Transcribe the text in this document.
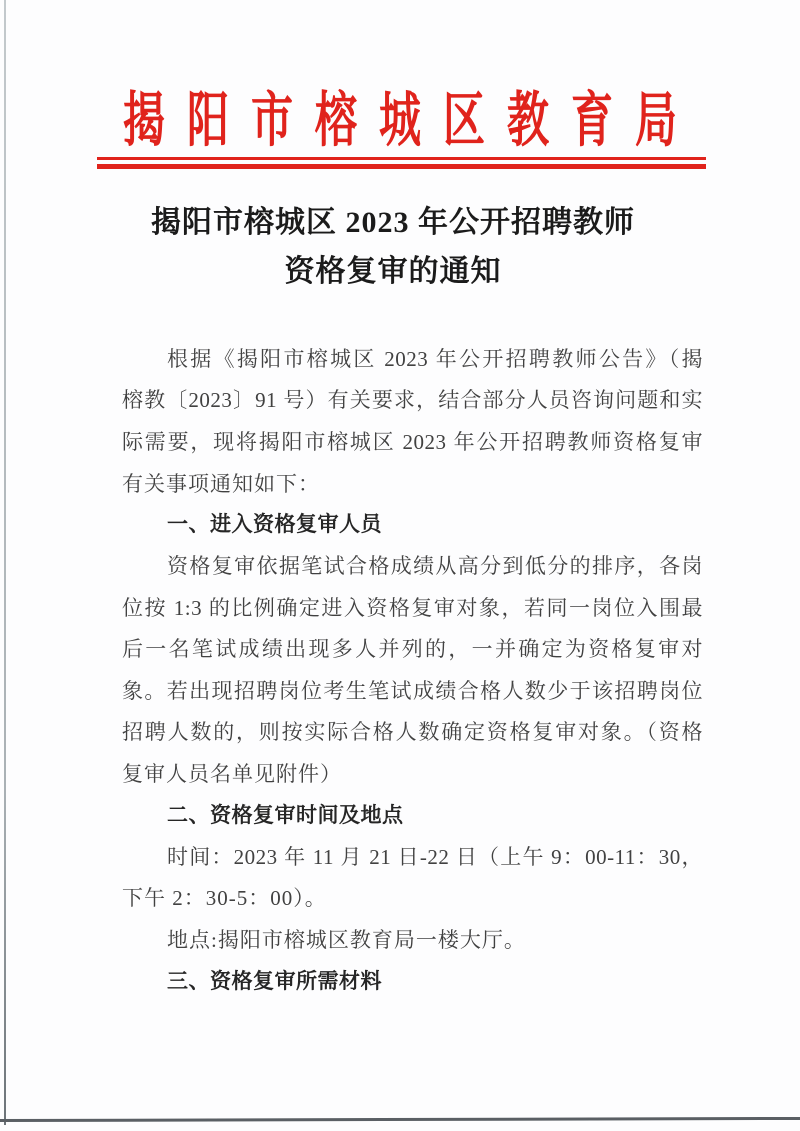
揭阳市榕城区教育局
揭阳市榕城区 2023 年公开招聘教师
资格复审的通知
根据《揭阳市榕城区 2023 年公开招聘教师公告》（揭
榕教〔2023〕91 号）有关要求，结合部分人员咨询问题和实
际需要，现将揭阳市榕城区 2023 年公开招聘教师资格复审
有关事项通知如下：
一、进入资格复审人员
资格复审依据笔试合格成绩从高分到低分的排序，各岗
位按 1:3 的比例确定进入资格复审对象，若同一岗位入围最
后一名笔试成绩出现多人并列的，一并确定为资格复审对
象。若出现招聘岗位考生笔试成绩合格人数少于该招聘岗位
招聘人数的，则按实际合格人数确定资格复审对象。（资格
复审人员名单见附件）
二、资格复审时间及地点
时间：2023 年 11 月 21 日-22 日（上午 9：00-11：30，
下午 2：30-5：00）。
地点:揭阳市榕城区教育局一楼大厅。
三、资格复审所需材料
